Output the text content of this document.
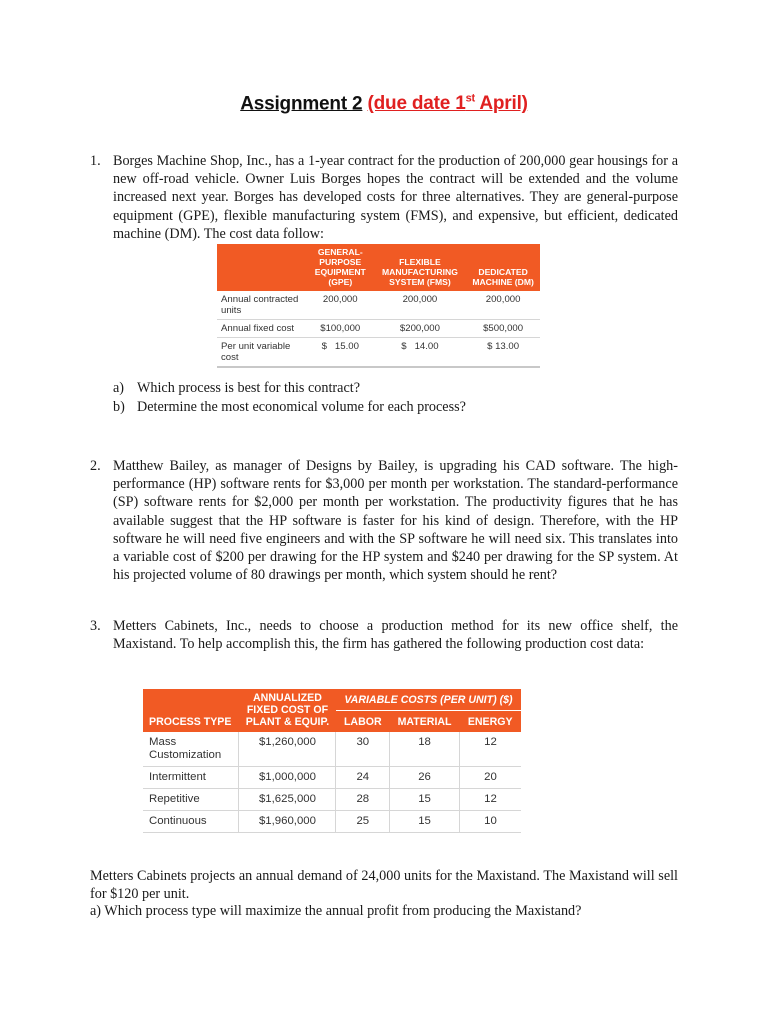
Assignment 2 (due date 1st April)
1. Borges Machine Shop, Inc., has a 1-year contract for the production of 200,000 gear housings for a new off-road vehicle. Owner Luis Borges hopes the contract will be extended and the volume increased next year. Borges has developed costs for three alternatives. They are general-purpose equipment (GPE), flexible manufacturing system (FMS), and expensive, but efficient, dedicated machine (DM). The cost data follow:
	GENERAL-PURPOSE EQUIPMENT (GPE)	FLEXIBLE MANUFACTURING SYSTEM (FMS)	DEDICATED MACHINE (DM)
Annual contracted units	200,000	200,000	200,000
Annual fixed cost	$100,000	$200,000	$500,000
Per unit variable cost	$   15.00	$   14.00	$ 13.00
a) Which process is best for this contract?
b) Determine the most economical volume for each process?
2. Matthew Bailey, as manager of Designs by Bailey, is upgrading his CAD software. The high-performance (HP) software rents for $3,000 per month per workstation. The standard-performance (SP) software rents for $2,000 per month per workstation. The productivity figures that he has available suggest that the HP software is faster for his kind of design. Therefore, with the HP software he will need five engineers and with the SP software he will need six. This translates into a variable cost of $200 per drawing for the HP system and $240 per drawing for the SP system. At his projected volume of 80 drawings per month, which system should he rent?
3. Metters Cabinets, Inc., needs to choose a production method for its new office shelf, the Maxistand. To help accomplish this, the firm has gathered the following production cost data:
PROCESS TYPE	ANNUALIZED FIXED COST OF PLANT & EQUIP.	VARIABLE COSTS (PER UNIT) ($)		
		LABOR	MATERIAL	ENERGY
Mass Customization	$1,260,000	30	18	12
Intermittent	$1,000,000	24	26	20
Repetitive	$1,625,000	28	15	12
Continuous	$1,960,000	25	15	10
Metters Cabinets projects an annual demand of 24,000 units for the Maxistand. The Maxistand will sell for $120 per unit.
a) Which process type will maximize the annual profit from producing the Maxistand?
